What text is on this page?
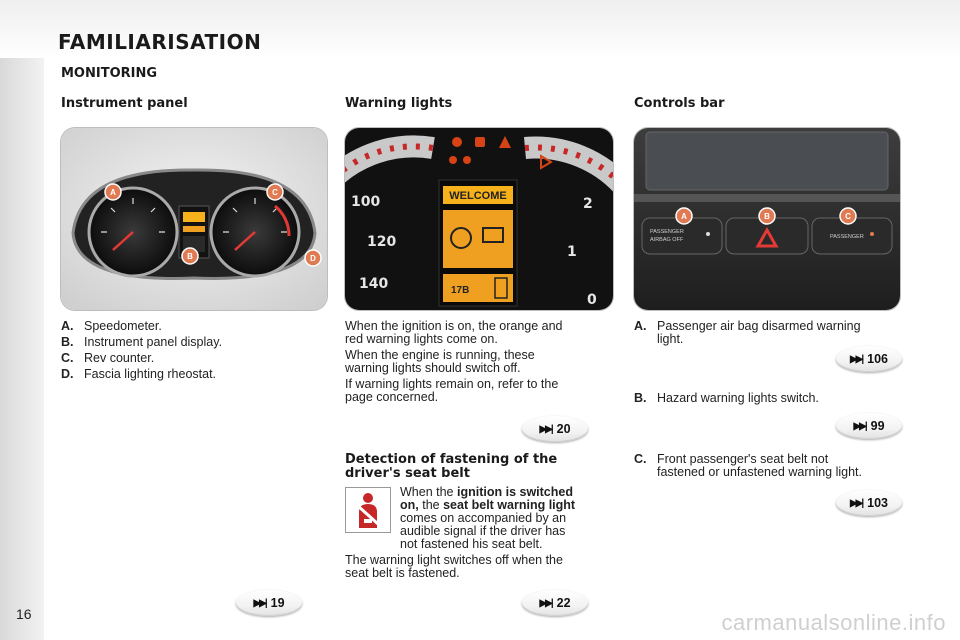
FAMILIARISATION
MONITORING
Instrument panel	Warning lights	Controls bar
A	C
B	D
100
120
140
2
1
0
WELCOME
17B
PASSENGER
AIRBAG OFF	PASSENGER
A	B	C
A. Speedometer.
B. Instrument panel display.
C. Rev counter.
D. Fascia lighting rheostat.
When the ignition is on, the orange and
red warning lights come on.
When the engine is running, these
warning lights should switch off.
If warning lights remain on, refer to the
page concerned.
Detection of fastening of the
driver's seat belt
When the ignition is switched
on, the seat belt warning light
comes on accompanied by an
audible signal if the driver has
not fastened his seat belt.
The warning light switches off when the
seat belt is fastened.
A. Passenger air bag disarmed warning
light.
B. Hazard warning lights switch.
C. Front passenger's seat belt not
fastened or unfastened warning light.
▶▶| 106
▶▶| 99
▶▶| 103
▶▶| 20
▶▶| 22
▶▶| 19
16	carmanualsonline.info
